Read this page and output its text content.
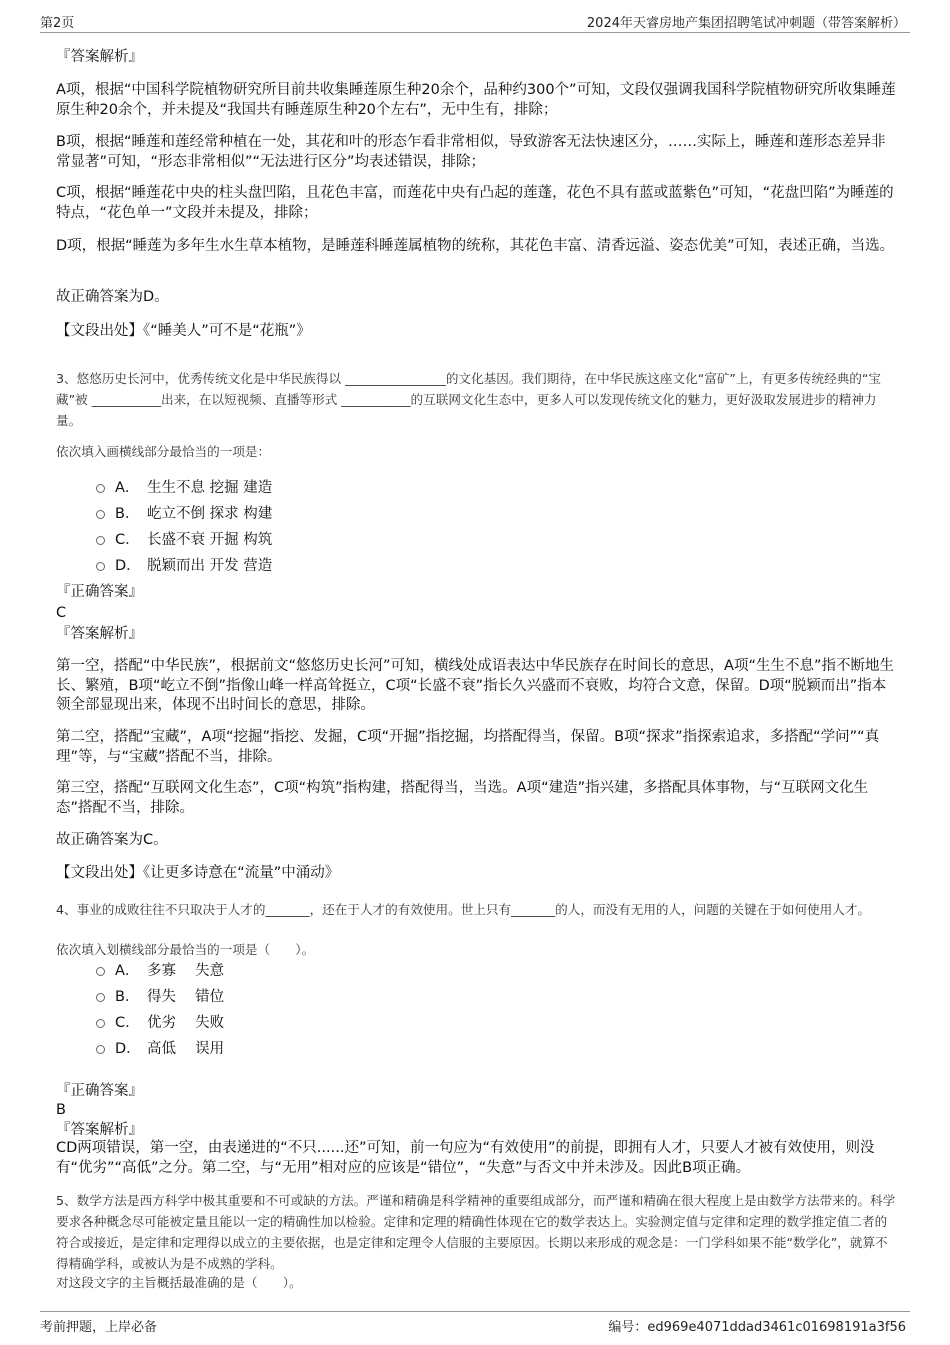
第2页	2024年天睿房地产集团招聘笔试冲刺题（带答案解析）
『答案解析』

A项，根据“中国科学院植物研究所目前共收集睡莲原生种20余个，品种约300个”可知，文段仅强调我国科学院植物研究所收集睡莲原生种20余个，并未提及“我国共有睡莲原生种20个左右”，无中生有，排除；

B项，根据“睡莲和莲经常种植在一处，其花和叶的形态乍看非常相似，导致游客无法快速区分，……实际上，睡莲和莲形态差异非常显著”可知，“形态非常相似”“无法进行区分”均表述错误，排除；

C项，根据“睡莲花中央的柱头盘凹陷，且花色丰富，而莲花中央有凸起的莲蓬，花色不具有蓝或蓝紫色”可知，“花盘凹陷”为睡莲的特点，“花色单一”文段并未提及，排除；

D项，根据“睡莲为多年生水生草本植物，是睡莲科睡莲属植物的统称，其花色丰富、清香远溢、姿态优美”可知，表述正确，当选。

故正确答案为D。

【文段出处】《“睡美人”可不是“花瓶”》

3、悠悠历史长河中，优秀传统文化是中华民族得以 ________________的文化基因。我们期待，在中华民族这座文化“富矿”上，有更多传统经典的“宝藏”被 ___________出来，在以短视频、直播等形式 ___________的互联网文化生态中，更多人可以发现传统文化的魅力，更好汲取发展进步的精神力量。

依次填入画横线部分最恰当的一项是：

A． 生生不息 挖掘 建造
B． 屹立不倒 探求 构建
C． 长盛不衰 开掘 构筑
D． 脱颖而出 开发 营造
『正确答案』
C
『答案解析』

第一空，搭配“中华民族”，根据前文“悠悠历史长河”可知，横线处成语表达中华民族存在时间长的意思，A项“生生不息”指不断地生长、繁殖，B项“屹立不倒”指像山峰一样高耸挺立，C项“长盛不衰”指长久兴盛而不衰败，均符合文意，保留。D项“脱颖而出”指本领全部显现出来，体现不出时间长的意思，排除。

第二空，搭配“宝藏”，A项“挖掘”指挖、发掘，C项“开掘”指挖掘，均搭配得当，保留。B项“探求”指探索追求，多搭配“学问”“真理”等，与“宝藏”搭配不当，排除。

第三空，搭配“互联网文化生态”，C项“构筑”指构建，搭配得当，当选。A项“建造”指兴建，多搭配具体事物，与“互联网文化生态”搭配不当，排除。

故正确答案为C。

【文段出处】《让更多诗意在“流量”中涌动》

4、事业的成败往往不只取决于人才的_______，还在于人才的有效使用。世上只有_______的人，而没有无用的人，问题的关键在于如何使用人才。

依次填入划横线部分最恰当的一项是（　　）。

A． 多寡　 失意
B． 得失　 错位
C． 优劣　 失败
D． 高低　 误用
『正确答案』
B
『答案解析』

CD两项错误，第一空，由表递进的“不只......还”可知，前一句应为“有效使用”的前提，即拥有人才，只要人才被有效使用，则没有“优劣”“高低”之分。第二空，与“无用”相对应的应该是“错位”，“失意”与否文中并未涉及。因此B项正确。

5、数学方法是西方科学中极其重要和不可或缺的方法。严谨和精确是科学精神的重要组成部分，而严谨和精确在很大程度上是由数学方法带来的。科学要求各种概念尽可能被定量且能以一定的精确性加以检验。定律和定理的精确性体现在它的数学表达上。实验测定值与定律和定理的数学推定值二者的符合或接近，是定律和定理得以成立的主要依据，也是定律和定理令人信服的主要原因。长期以来形成的观念是：一门学科如果不能“数学化”，就算不得精确学科，或被认为是不成熟的学科。

对这段文字的主旨概括最准确的是（　　）。

考前押题，上岸必备	编号：ed969e4071ddad3461c01698191a3f56
